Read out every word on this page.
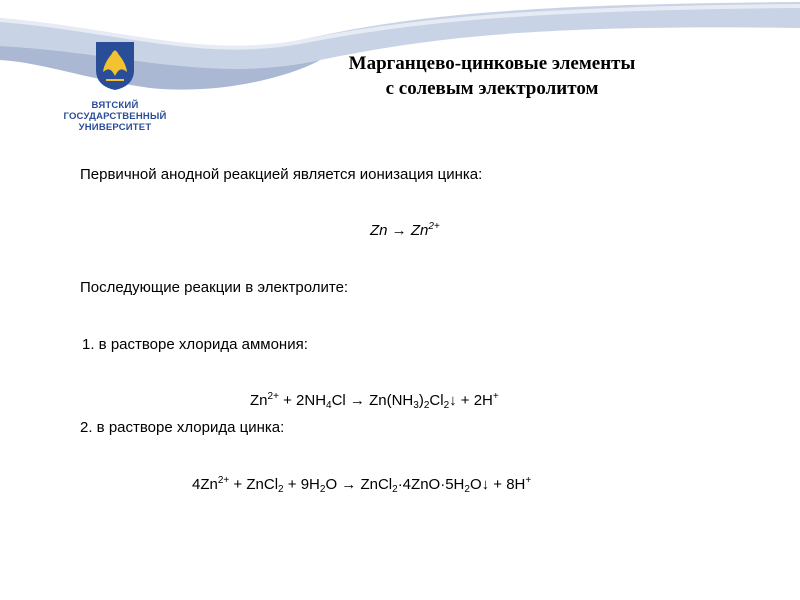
ВЯТСКИЙ
ГОСУДАРСТВЕННЫЙ
УНИВЕРСИТЕТ
Марганцево-цинковые элементы
с солевым электролитом
Первичной анодной реакцией является ионизация цинка:
$Zn \to Zn^{2+}$
Последующие реакции в электролите:
1. в растворе хлорида аммония:
$Zn^{2+} + 2NH_4Cl$ → $Zn(NH_3)_2Cl_2↓ + 2H^+$
2. в растворе хлорида цинка:
$4Zn^{2+}$ + ZnCl$_2$ + $9H_2O$ → $ZnCl_2\cdot 4ZnO\cdot 5H_2O↓ + 8H^+$
